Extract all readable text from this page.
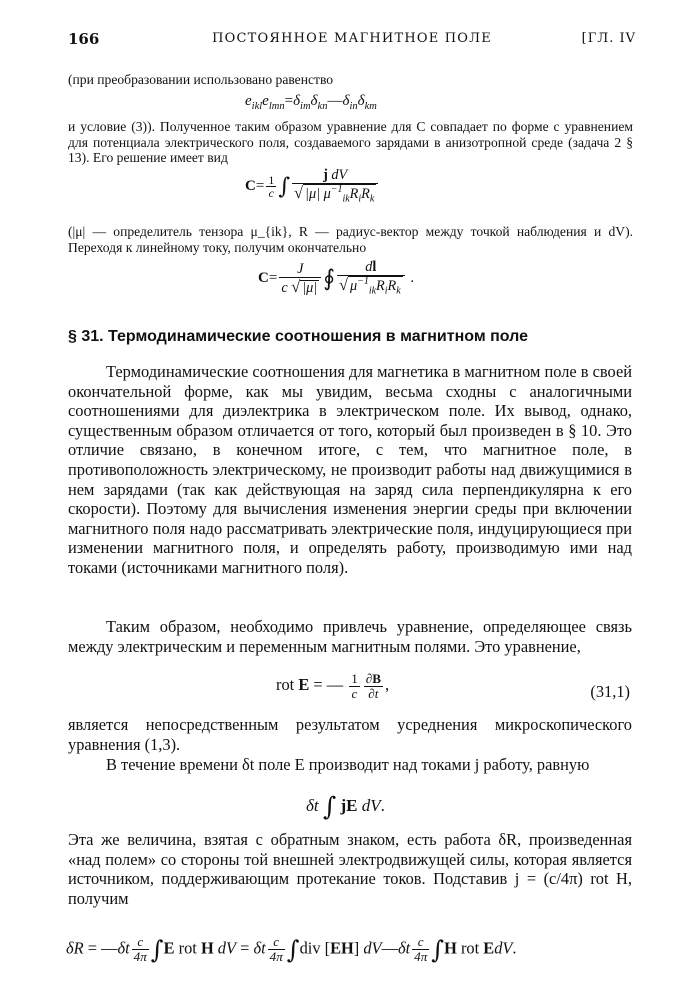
166	ПОСТОЯННОЕ МАГНИТНОЕ ПОЛЕ	[ГЛ. IV
(при преобразовании использовано равенство
$e_{ikl}e_{lmn}=\delta_{im}\delta_{kn}—\delta_{in}\delta_{km}$
и условие (3)). Полученное таким образом уравнение для C совпадает по форме с уравнением для потенциала электрического поля, создаваемого зарядами в анизотропной среде (задача 2 § 13). Его решение имеет вид
$C= \frac{1}{c}$ ∫ $\frac{\text{j dV}}{√ |\mu| \mu^{-1}_{ik}R_iR_k}$
(|μ| — определитель тензора μ_{ik}, R — радиус-вектор между точкой наблюдения и dV). Переходя к линейному току, получим окончательно
$C= \frac{J}{c √ |\mu|}$ ∮ $\frac{dl}{√ \mu^{-1}_{ik}R_iR_k}$ .
§ 31. Термодинамические соотношения в магнитном поле
Термодинамические соотношения для магнетика в магнитном поле в своей окончательной форме, как мы увидим, весьма сходны с аналогичными соотношениями для диэлектрика в электрическом поле. Их вывод, однако, существенным образом отличается от того, который был произведен в § 10. Это отличие связано, в конечном итоге, с тем, что магнитное поле, в противоположность электрическому, не производит работы над движущимися в нем зарядами (так как действующая на заряд сила перпендикулярна к его скорости). Поэтому для вычисления изменения энергии среды при включении магнитного поля надо рассматривать электрические поля, индуцирующиеся при изменении магнитного поля, и определять работу, производимую ими над токами (источниками магнитного поля).
Таким образом, необходимо привлечь уравнение, определяющее связь между электрическим и переменным магнитным полями. Это уравнение,
rot E = — $\frac{1}{c} \frac{\partial B}{\partial t}$ ,	(31,1)
является непосредственным результатом усреднения микроскопического уравнения (1,3).
В течение времени δt поле E производит над токами j работу, равную
δt ∫ jE dV.
Эта же величина, взятая с обратным знаком, есть работа δR, произведенная «над полем» со стороны той внешней электродвижущей силы, которая является источником, поддерживающим протекание токов. Подставив j = (c/4π) rot H, получим
δR = —δt $\frac{c}{4\pi} \int E$ rot H dV = δt $\frac{c}{4\pi} \int div$ [EH] dV—δt $\frac{c}{4\pi} \int H$ rot EdV.
